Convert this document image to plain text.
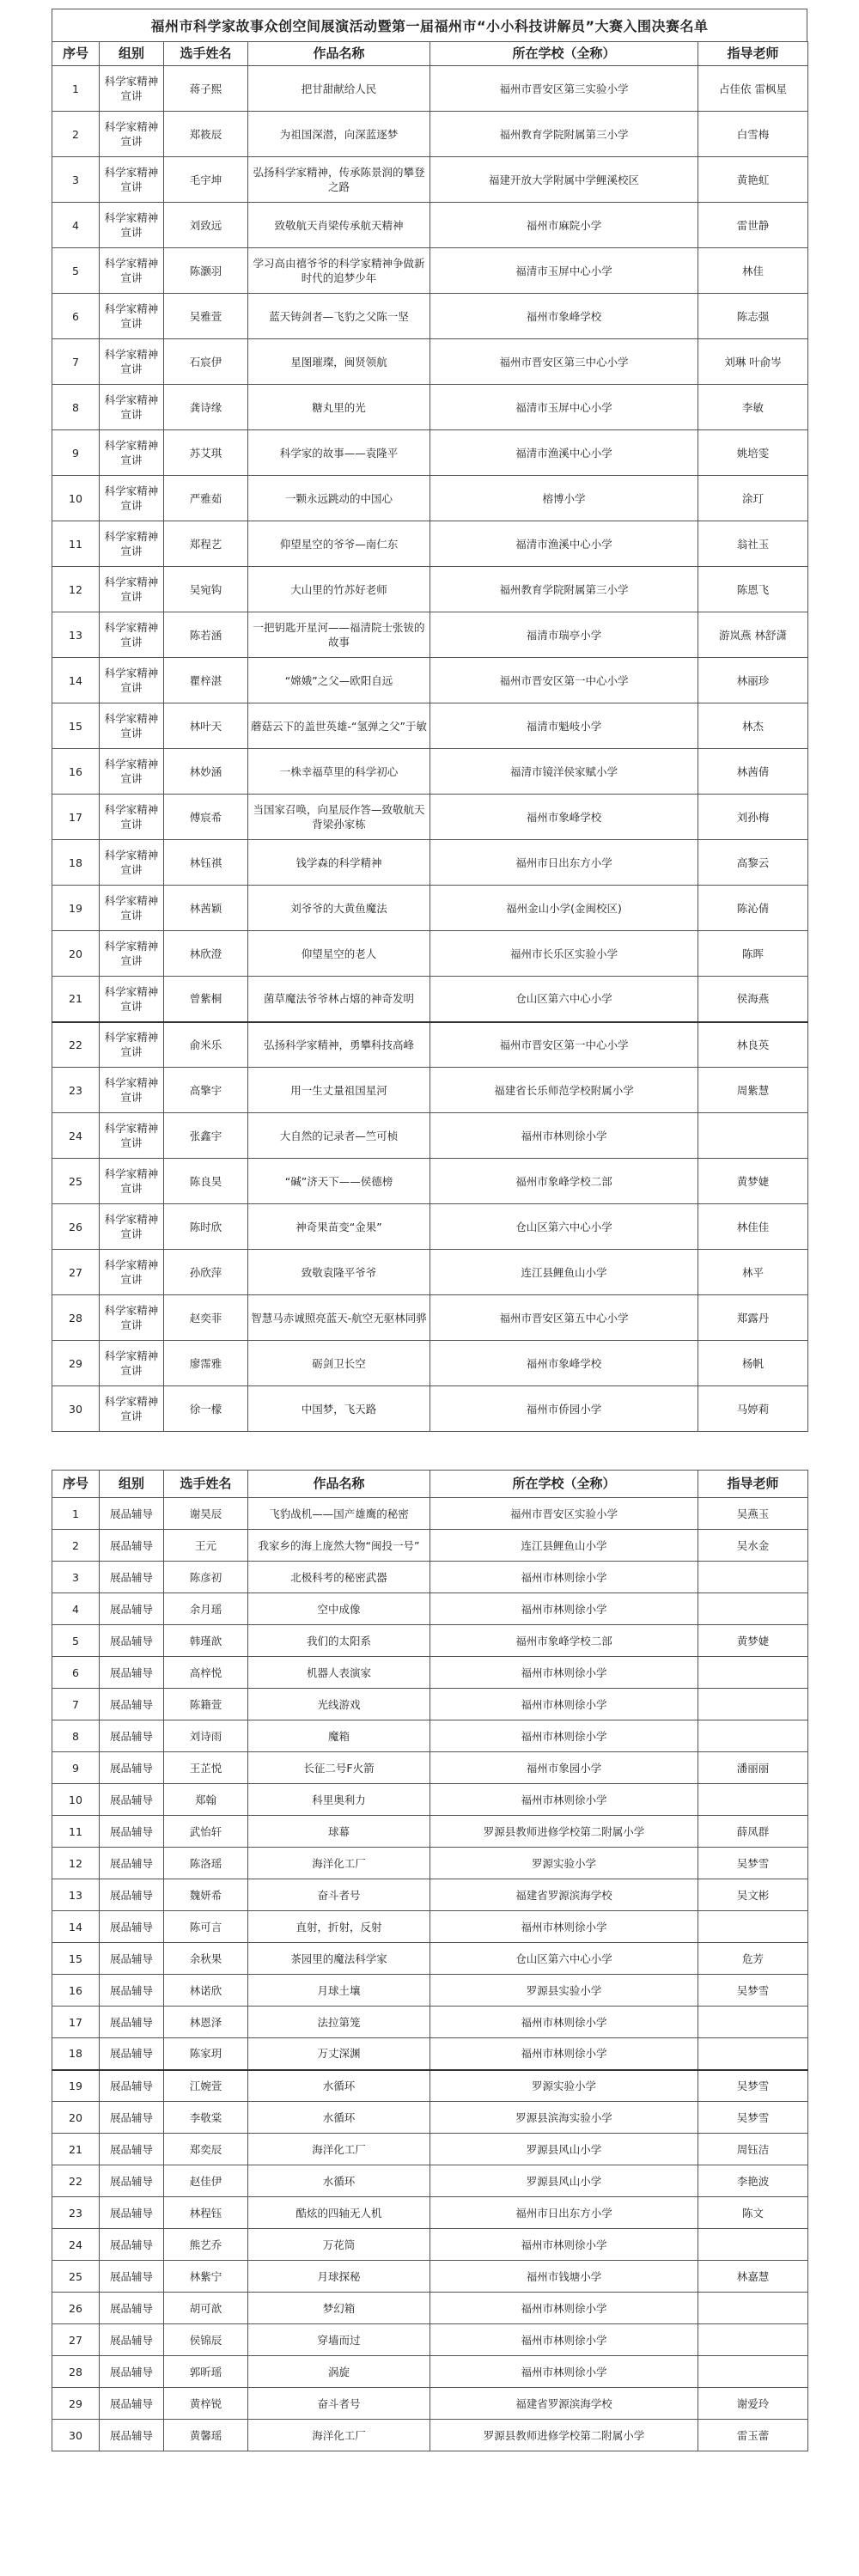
福州市科学家故事众创空间展演活动暨第一届福州市“小小科技讲解员”大赛入围决赛名单
序号	组别	选手姓名	作品名称	所在学校（全称）	指导老师
1	科学家精神宣讲	蒋子熙	把甘甜献给人民	福州市晋安区第三实验小学	占佳依 雷枫星
2	科学家精神宣讲	郑筱辰	为祖国深潜，向深蓝逐梦	福州教育学院附属第三小学	白雪梅
3	科学家精神宣讲	毛宇坤	弘扬科学家精神，传承陈景润的攀登之路	福建开放大学附属中学鲤溪校区	黄艳虹
4	科学家精神宣讲	刘致远	致敬航天肖梁传承航天精神	福州市麻院小学	雷世静
5	科学家精神宣讲	陈灏羽	学习高由禧爷爷的科学家精神争做新时代的追梦少年	福清市玉屏中心小学	林佳
6	科学家精神宣讲	吴雅萱	蓝天铸剑者—飞豹之父陈一坚	福州市象峰学校	陈志强
7	科学家精神宣讲	石宸伊	星图璀璨，闽贤领航	福州市晋安区第三中心小学	刘琳 叶俞岑
8	科学家精神宣讲	龚诗缘	糖丸里的光	福清市玉屏中心小学	李敏
9	科学家精神宣讲	苏艾琪	科学家的故事——袁隆平	福清市渔溪中心小学	姚培雯
10	科学家精神宣讲	严雅茹	一颗永远跳动的中国心	榕博小学	涂玎
11	科学家精神宣讲	郑程艺	仰望星空的爷爷—南仁东	福清市渔溪中心小学	翁社玉
12	科学家精神宣讲	吴宛钩	大山里的竹苏好老师	福州教育学院附属第三小学	陈恩飞
13	科学家精神宣讲	陈若涵	一把钥匙开星河——福清院士张钹的故事	福清市瑞亭小学	游岚燕 林舒潇
14	科学家精神宣讲	瞿梓湛	“嫦娥”之父—欧阳自远	福州市晋安区第一中心小学	林丽珍
15	科学家精神宣讲	林叶天	蘑菇云下的盖世英雄-“氢弹之父”于敏	福清市魁岐小学	林杰
16	科学家精神宣讲	林妙涵	一株幸福草里的科学初心	福清市镜洋侯家赋小学	林茜倩
17	科学家精神宣讲	傅宸希	当国家召唤，向星辰作答—致敬航天背梁孙家栋	福州市象峰学校	刘孙梅
18	科学家精神宣讲	林钰祺	钱学森的科学精神	福州市日出东方小学	高黎云
19	科学家精神宣讲	林茜颖	刘爷爷的大黄鱼魔法	福州金山小学(金闽校区)	陈沁倩
20	科学家精神宣讲	林欣澄	仰望星空的老人	福州市长乐区实验小学	陈晖
21	科学家精神宣讲	曾紫桐	菌草魔法爷爷林占熺的神奇发明	仓山区第六中心小学	侯海燕
22	科学家精神宣讲	俞米乐	弘扬科学家精神，勇攀科技高峰	福州市晋安区第一中心小学	林良英
23	科学家精神宣讲	高擎宇	用一生丈量祖国星河	福建省长乐师范学校附属小学	周紫慧
24	科学家精神宣讲	张鑫宇	大自然的记录者—竺可桢	福州市林则徐小学	
25	科学家精神宣讲	陈良昊	“碱”济天下——侯德榜	福州市象峰学校二部	黄梦婕
26	科学家精神宣讲	陈时欣	神奇果苗变“金果”	仓山区第六中心小学	林佳佳
27	科学家精神宣讲	孙欣萍	致敬袁隆平爷爷	连江县鲤鱼山小学	林平
28	科学家精神宣讲	赵奕菲	智慧马赤诚照亮蓝天-航空无驱林同骅	福州市晋安区第五中心小学	郑露丹
29	科学家精神宣讲	廖霈雅	砺剑卫长空	福州市象峰学校	杨帆
30	科学家精神宣讲	徐一檬	中国梦，飞天路	福州市侨园小学	马婷莉
序号	组别	选手姓名	作品名称	所在学校（全称）	指导老师
1	展品辅导	谢昊辰	飞豹战机——国产雄鹰的秘密	福州市晋安区实验小学	吴燕玉
2	展品辅导	王元	我家乡的海上庞然大物“闽投一号”	连江县鲤鱼山小学	吴水金
3	展品辅导	陈彦初	北极科考的秘密武器	福州市林则徐小学	
4	展品辅导	余月瑶	空中成像	福州市林则徐小学	
5	展品辅导	韩瑾歆	我们的太阳系	福州市象峰学校二部	黄梦婕
6	展品辅导	高梓悦	机器人表演家	福州市林则徐小学	
7	展品辅导	陈籍萱	光线游戏	福州市林则徐小学	
8	展品辅导	刘诗雨	魔箱	福州市林则徐小学	
9	展品辅导	王芷悦	长征二号F火箭	福州市象园小学	潘丽丽
10	展品辅导	郑翰	科里奥利力	福州市林则徐小学	
11	展品辅导	武怡轩	球幕	罗源县教师进修学校第二附属小学	薛凤群
12	展品辅导	陈洛瑶	海洋化工厂	罗源实验小学	吴梦雪
13	展品辅导	魏妍希	奋斗者号	福建省罗源滨海学校	吴文彬
14	展品辅导	陈可言	直射，折射，反射	福州市林则徐小学	
15	展品辅导	余秋果	茶园里的魔法科学家	仓山区第六中心小学	危芳
16	展品辅导	林诺欣	月球土壤	罗源县实验小学	吴梦雪
17	展品辅导	林恩泽	法拉第笼	福州市林则徐小学	
18	展品辅导	陈家玥	万丈深渊	福州市林则徐小学	
19	展品辅导	江婉萱	水循环	罗源实验小学	吴梦雪
20	展品辅导	李敬棠	水循环	罗源县滨海实验小学	吴梦雪
21	展品辅导	郑奕辰	海洋化工厂	罗源县风山小学	周钰洁
22	展品辅导	赵佳伊	水循环	罗源县风山小学	李艳波
23	展品辅导	林程钰	酷炫的四轴无人机	福州市日出东方小学	陈文
24	展品辅导	熊艺乔	万花筒	福州市林则徐小学	
25	展品辅导	林紫宁	月球探秘	福州市钱塘小学	林嘉慧
26	展品辅导	胡可歆	梦幻箱	福州市林则徐小学	
27	展品辅导	侯锦辰	穿墙而过	福州市林则徐小学	
28	展品辅导	郭昕瑶	涡旋	福州市林则徐小学	
29	展品辅导	黄梓锐	奋斗者号	福建省罗源滨海学校	谢爱玲
30	展品辅导	黄馨瑶	海洋化工厂	罗源县教师进修学校第二附属小学	雷玉蕾
